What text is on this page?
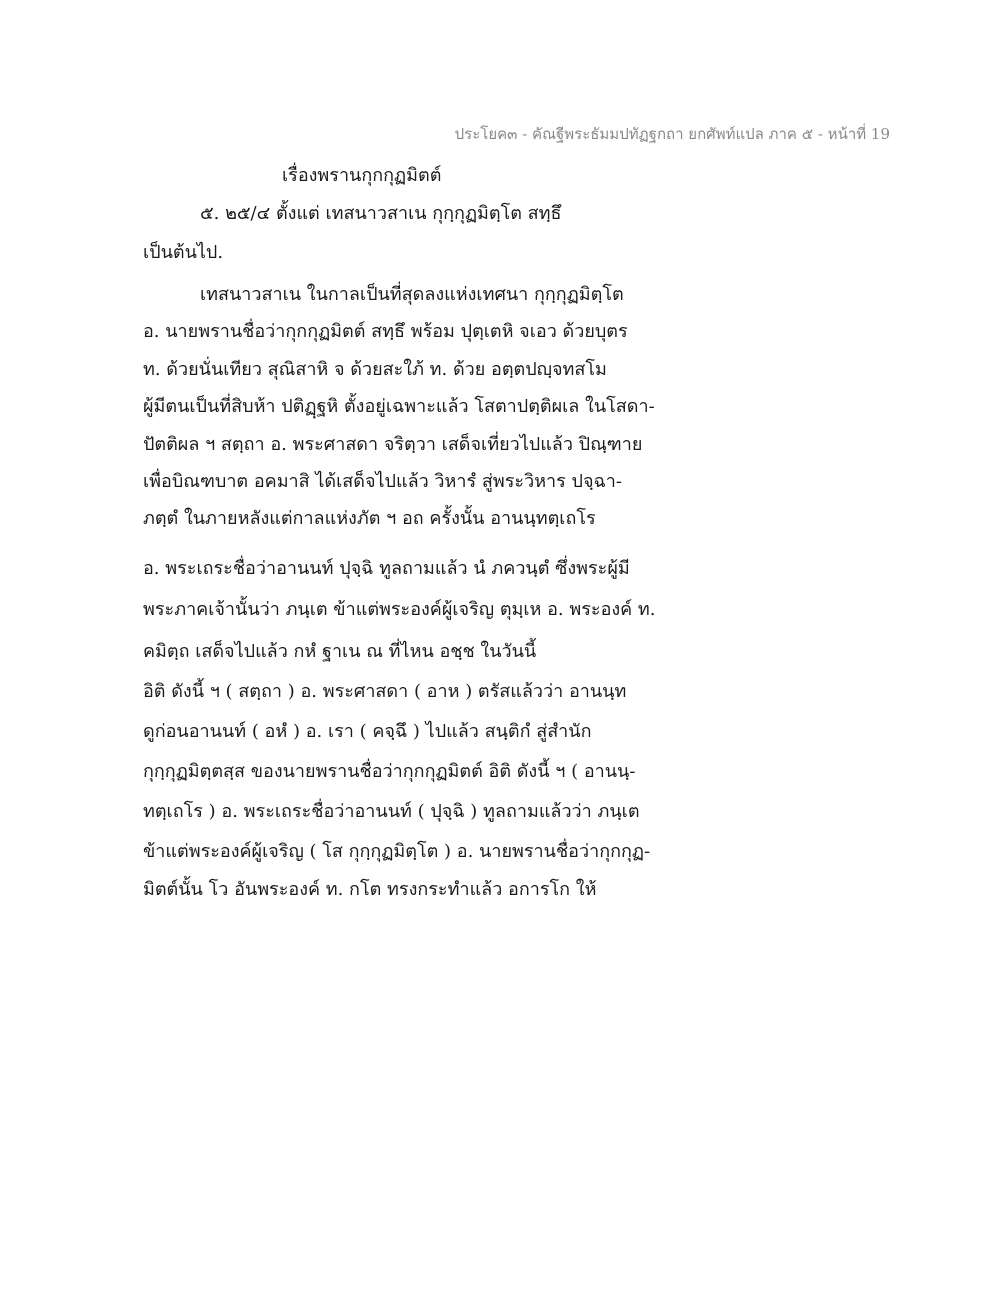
ประโยค๓ - คัณฐีพระธัมมปทัฏฐกถา ยกศัพท์แปล ภาค ๕ - หน้าที่ 19
เรื่องพรานกุกกุฏมิตต์
๕. ๒๕/๔ ตั้งแต่ เทสนาวสาเน กุกฺกุฏมิตฺโต สทฺธึ
เป็นต้นไป.
เทสนาวสาเน ในกาลเป็นที่สุดลงแห่งเทศนา กุกฺกุฏมิตฺโต
อ. นายพรานชื่อว่ากุกกุฏมิตต์ สทฺธึ พร้อม ปุตฺเตหิ จเอว ด้วยบุตร
ท. ด้วยนั่นเทียว สุณิสาหิ จ ด้วยสะใภ้ ท. ด้วย อตฺตปญฺจทสโม
ผู้มีตนเป็นที่สิบห้า ปติฏฺฐหิ ตั้งอยู่เฉพาะแล้ว โสตาปตฺติผเล ในโสดา-
ปัตติผล ฯ สตฺถา อ. พระศาสดา จริตฺวา เสด็จเที่ยวไปแล้ว ปิณฺฑาย
เพื่อบิณฑบาต อคมาสิ ได้เสด็จไปแล้ว วิหารํ สู่พระวิหาร ปจฺฉา-
ภตฺตํ ในภายหลังแต่กาลแห่งภัต ฯ อถ ครั้งนั้น อานนฺทตฺเถโร
อ. พระเถระชื่อว่าอานนท์ ปุจฺฉิ ทูลถามแล้ว นํ ภควนฺตํ ซึ่งพระผู้มี
พระภาคเจ้านั้นว่า ภนฺเต ข้าแต่พระองค์ผู้เจริญ ตุมฺเห อ. พระองค์ ท.
คมิตฺถ เสด็จไปแล้ว กหํ ฐาเน ณ ที่ไหน อชฺช ในวันนี้
อิติ ดังนี้ ฯ ( สตฺถา ) อ. พระศาสดา ( อาห ) ตรัสแล้วว่า อานนฺท
ดูก่อนอานนท์ ( อหํ ) อ. เรา ( คจฺฉึ ) ไปแล้ว สนฺติกํ สู่สำนัก
กุกฺกุฏมิตฺตสฺส ของนายพรานชื่อว่ากุกกุฏมิตต์ อิติ ดังนี้ ฯ ( อานนฺ-
ทตฺเถโร ) อ. พระเถระชื่อว่าอานนท์ ( ปุจฺฉิ ) ทูลถามแล้วว่า ภนฺเต
ข้าแต่พระองค์ผู้เจริญ ( โส กุกฺกุฏมิตฺโต ) อ. นายพรานชื่อว่ากุกกุฏ-
มิตต์นั้น โว อันพระองค์ ท. กโต ทรงกระทำแล้ว อการโก ให้
